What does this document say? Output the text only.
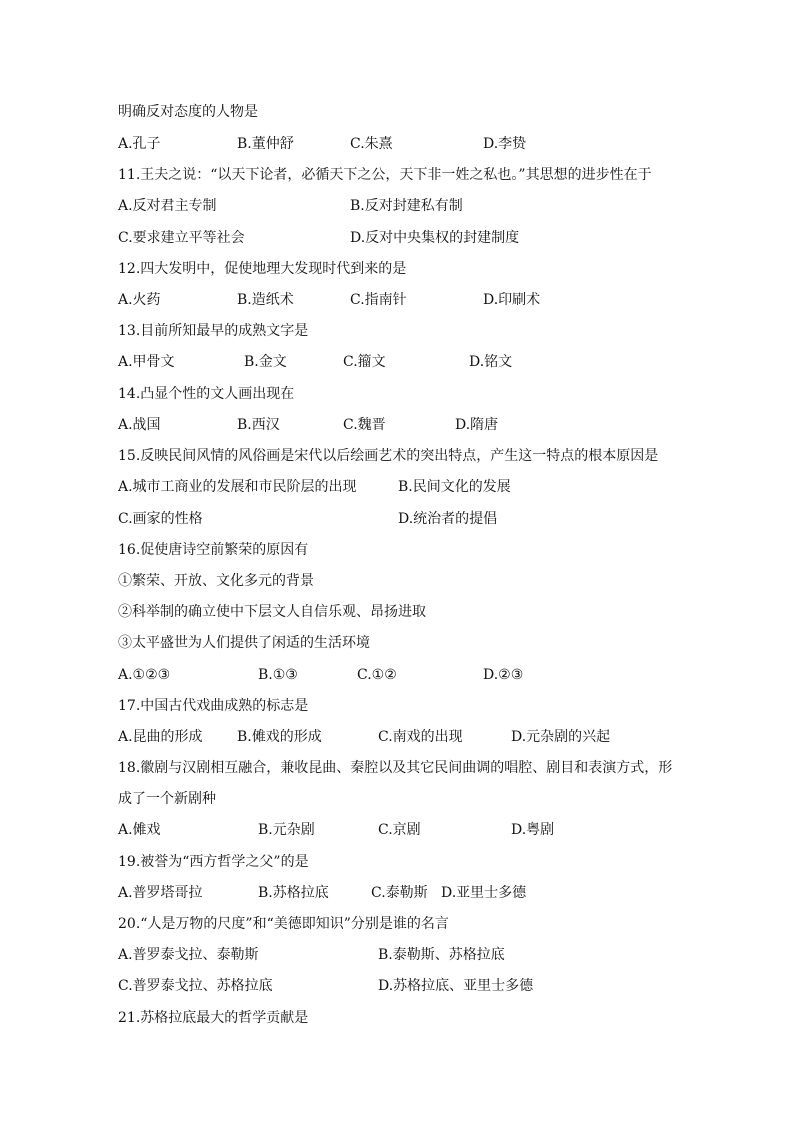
明确反对态度的人物是
A.孔子	B.董仲舒	C.朱熹	D.李贽
11.王夫之说：“以天下论者，必循天下之公，天下非一姓之私也。”其思想的进步性在于
A.反对君主专制	B.反对封建私有制
C.要求建立平等社会	D.反对中央集权的封建制度
12.四大发明中，促使地理大发现时代到来的是
A.火药	B.造纸术	C.指南针	D.印刷术
13.目前所知最早的成熟文字是
A.甲骨文	B.金文	C.籀文	D.铭文
14.凸显个性的文人画出现在
A.战国	B.西汉	C.魏晋	D.隋唐
15.反映民间风情的风俗画是宋代以后绘画艺术的突出特点，产生这一特点的根本原因是
A.城市工商业的发展和市民阶层的出现	B.民间文化的发展
C.画家的性格	D.统治者的提倡
16.促使唐诗空前繁荣的原因有
①繁荣、开放、文化多元的背景
②科举制的确立使中下层文人自信乐观、昂扬进取
③太平盛世为人们提供了闲适的生活环境
A.①②③	B.①③	C.①②	D.②③
17.中国古代戏曲成熟的标志是
A.昆曲的形成 B.傩戏的形成	C.南戏的出现	D.元杂剧的兴起
18.徽剧与汉剧相互融合，兼收昆曲、秦腔以及其它民间曲调的唱腔、剧目和表演方式，形
成了一个新剧种
A.傩戏	B.元杂剧	C.京剧	D.粤剧
19.被誉为“西方哲学之父”的是
A.普罗塔哥拉	B.苏格拉底	C.泰勒斯 D.亚里士多德
20.“人是万物的尺度”和“美德即知识”分别是谁的名言
A.普罗泰戈拉、泰勒斯	B.泰勒斯、苏格拉底
C.普罗泰戈拉、苏格拉底	D.苏格拉底、亚里士多德
21.苏格拉底最大的哲学贡献是
